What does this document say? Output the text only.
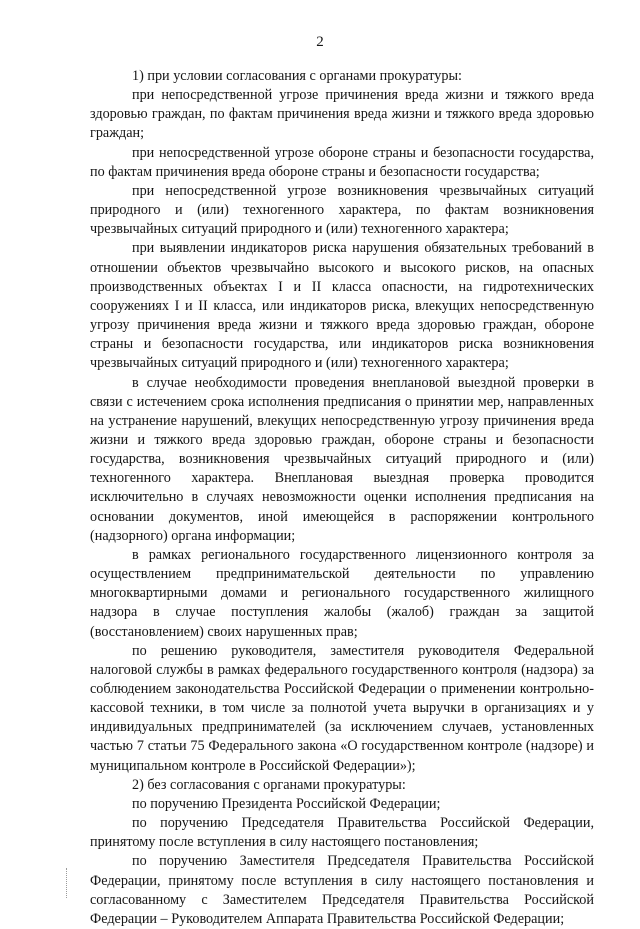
2

1) при условии согласования с органами прокуратуры:

при непосредственной угрозе причинения вреда жизни и тяжкого вреда здоровью граждан, по фактам причинения вреда жизни и тяжкого вреда здоровью граждан;

при непосредственной угрозе обороне страны и безопасности государства, по фактам причинения вреда обороне страны и безопасности государства;

при непосредственной угрозе возникновения чрезвычайных ситуаций природного и (или) техногенного характера, по фактам возникновения чрезвычайных ситуаций природного и (или) техногенного характера;

при выявлении индикаторов риска нарушения обязательных требований в отношении объектов чрезвычайно высокого и высокого рисков, на опасных производственных объектах I и II класса опасности, на гидротехнических сооружениях I и II класса, или индикаторов риска, влекущих непосредственную угрозу причинения вреда жизни и тяжкого вреда здоровью граждан, обороне страны и безопасности государства, или индикаторов риска возникновения чрезвычайных ситуаций природного и (или) техногенного характера;

в случае необходимости проведения внеплановой выездной проверки в связи с истечением срока исполнения предписания о принятии мер, направленных на устранение нарушений, влекущих непосредственную угрозу причинения вреда жизни и тяжкого вреда здоровью граждан, обороне страны и безопасности государства, возникновения чрезвычайных ситуаций природного и (или) техногенного характера. Внеплановая выездная проверка проводится исключительно в случаях невозможности оценки исполнения предписания на основании документов, иной имеющейся в распоряжении контрольного (надзорного) органа информации;

в рамках регионального государственного лицензионного контроля за осуществлением предпринимательской деятельности по управлению многоквартирными домами и регионального государственного жилищного надзора в случае поступления жалобы (жалоб) граждан за защитой (восстановлением) своих нарушенных прав;

по решению руководителя, заместителя руководителя Федеральной налоговой службы в рамках федерального государственного контроля (надзора) за соблюдением законодательства Российской Федерации о применении контрольно-кассовой техники, в том числе за полнотой учета выручки в организациях и у индивидуальных предпринимателей (за исключением случаев, установленных частью 7 статьи 75 Федерального закона «О государственном контроле (надзоре) и муниципальном контроле в Российской Федерации»);

2) без согласования с органами прокуратуры:

по поручению Президента Российской Федерации;

по поручению Председателя Правительства Российской Федерации, принятому после вступления в силу настоящего постановления;

по поручению Заместителя Председателя Правительства Российской Федерации, принятому после вступления в силу настоящего постановления и согласованному с Заместителем Председателя Правительства Российской Федерации – Руководителем Аппарата Правительства Российской Федерации;
